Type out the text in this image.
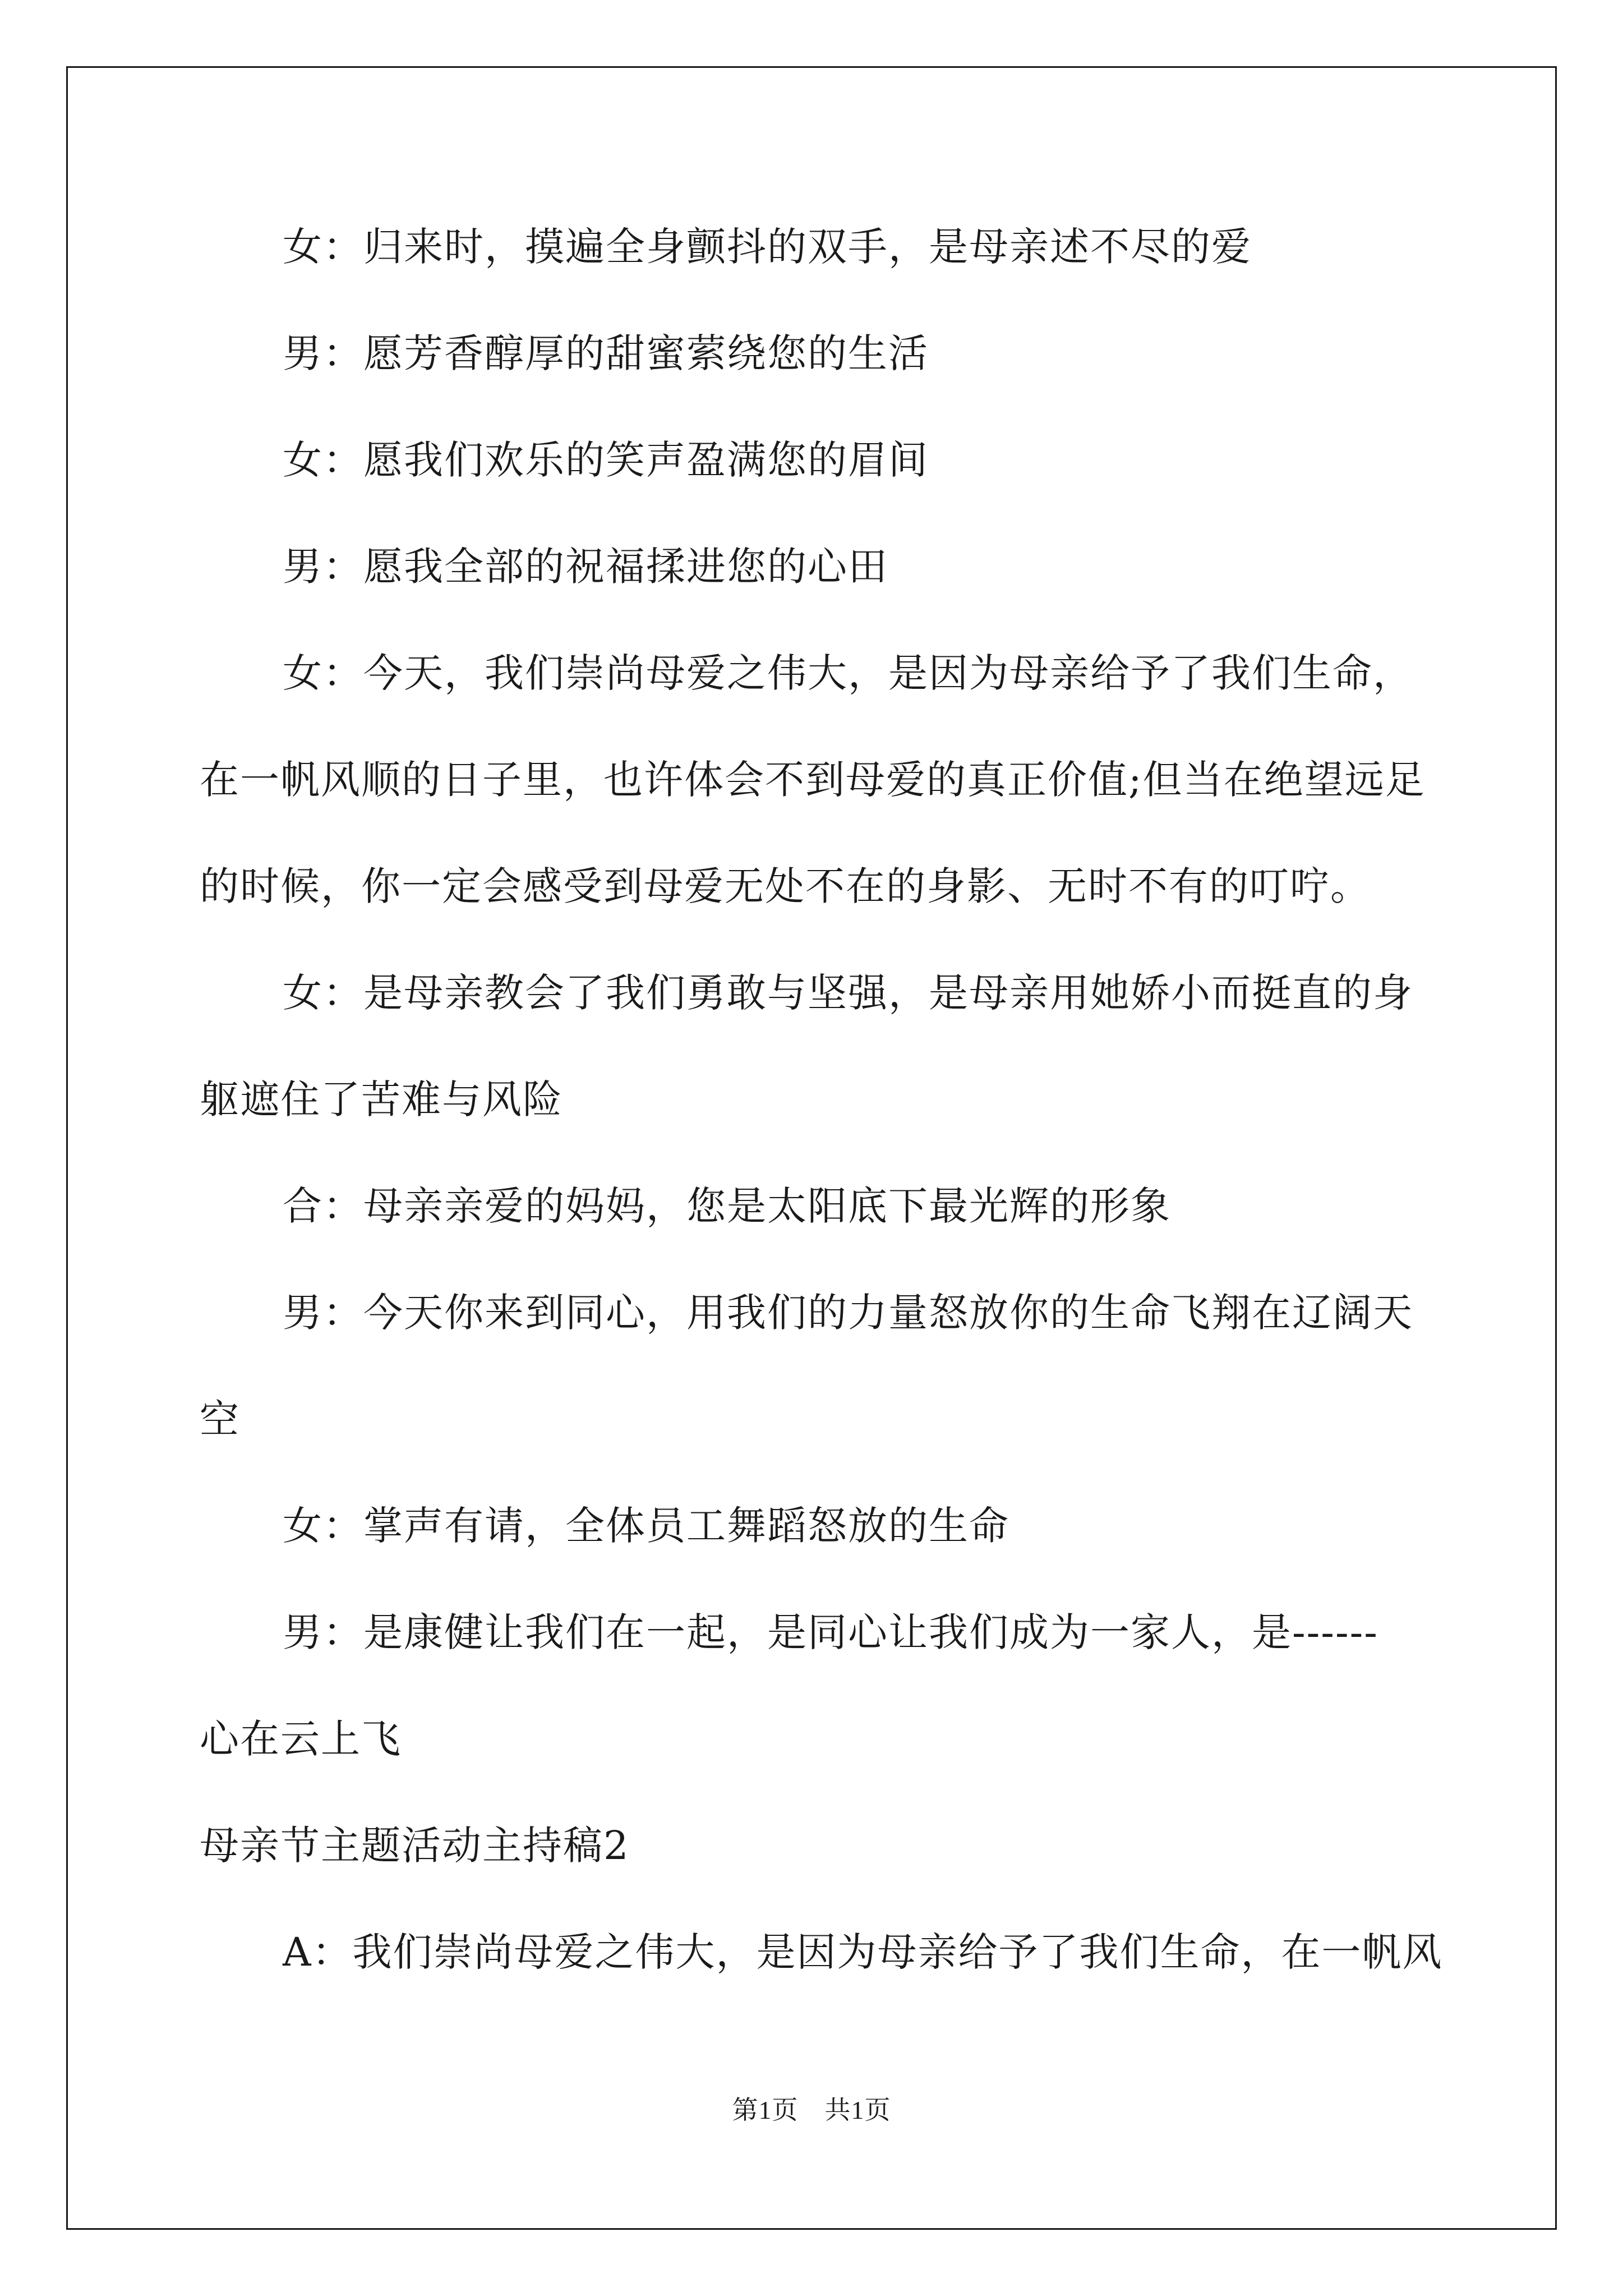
女：归来时，摸遍全身颤抖的双手，是母亲述不尽的爱
男：愿芳香醇厚的甜蜜萦绕您的生活
女：愿我们欢乐的笑声盈满您的眉间
男：愿我全部的祝福揉进您的心田
女：今天，我们崇尚母爱之伟大，是因为母亲给予了我们生命，
在一帆风顺的日子里，也许体会不到母爱的真正价值;但当在绝望远足
的时候，你一定会感受到母爱无处不在的身影、无时不有的叮咛。
女：是母亲教会了我们勇敢与坚强，是母亲用她娇小而挺直的身
躯遮住了苦难与风险
合：母亲亲爱的妈妈，您是太阳底下最光辉的形象
男：今天你来到同心，用我们的力量怒放你的生命飞翔在辽阔天
空
女：掌声有请，全体员工舞蹈怒放的生命
男：是康健让我们在一起，是同心让我们成为一家人，是------
心在云上飞
母亲节主题活动主持稿2
A：我们崇尚母爱之伟大，是因为母亲给予了我们生命，在一帆风
第1页　共1页
